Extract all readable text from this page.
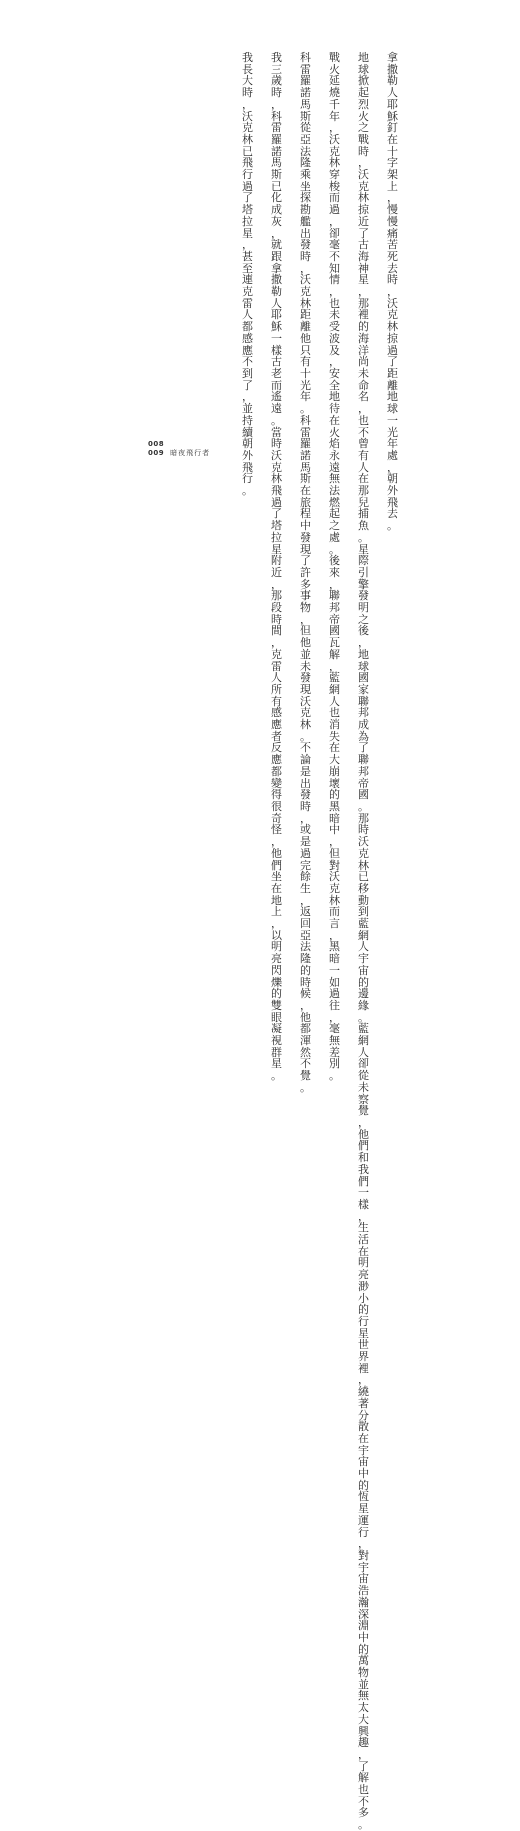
拿撒勒人耶穌釘在十字架上，慢慢痛苦死去時，沃克林掠過了距離地球一光年處，朝外飛去。
地球掀起烈火之戰時，沃克林掠近了古海神星，那裡的海洋尚未命名，也不曾有人在那兒捕魚。星際引擎發明之後，地球國家聯邦成為了聯邦帝國。那時沃克林已移動到藍網人宇宙的邊緣。藍網人卻從未察覺，他們和我們一樣，生活在明亮渺小的行星世界裡，繞著分散在宇宙中的恆星運行，對宇宙浩瀚深淵中的萬物並無太大興趣，了解也不多。
戰火延燒千年，沃克林穿梭而過，卻毫不知情，也未受波及，安全地待在火焰永遠無法燃起之處。後來，聯邦帝國瓦解，藍網人也消失在大崩壞的黑暗中，但對沃克林而言，黑暗一如過往，毫無差別。
科雷羅諾馬斯從亞法隆乘坐探勘艦出發時，沃克林距離他只有十光年。科雷羅諾馬斯在旅程中發現了許多事物，但他並未發現沃克林。不論是出發時，或是過完餘生，返回亞法隆的時候，他都渾然不覺。
我三歲時，科雷羅諾馬斯已化成灰，就跟拿撒勒人耶穌一樣古老而遙遠。當時沃克林飛過了塔拉星附近，那段時間，克雷人所有感應者反應都變得很奇怪，他們坐在地上，以明亮閃爍的雙眼凝視群星。
我長大時，沃克林已飛行過了塔拉星，甚至連克雷人都感應不到了，並持續朝外飛行。
008
009 暗夜飛行者
